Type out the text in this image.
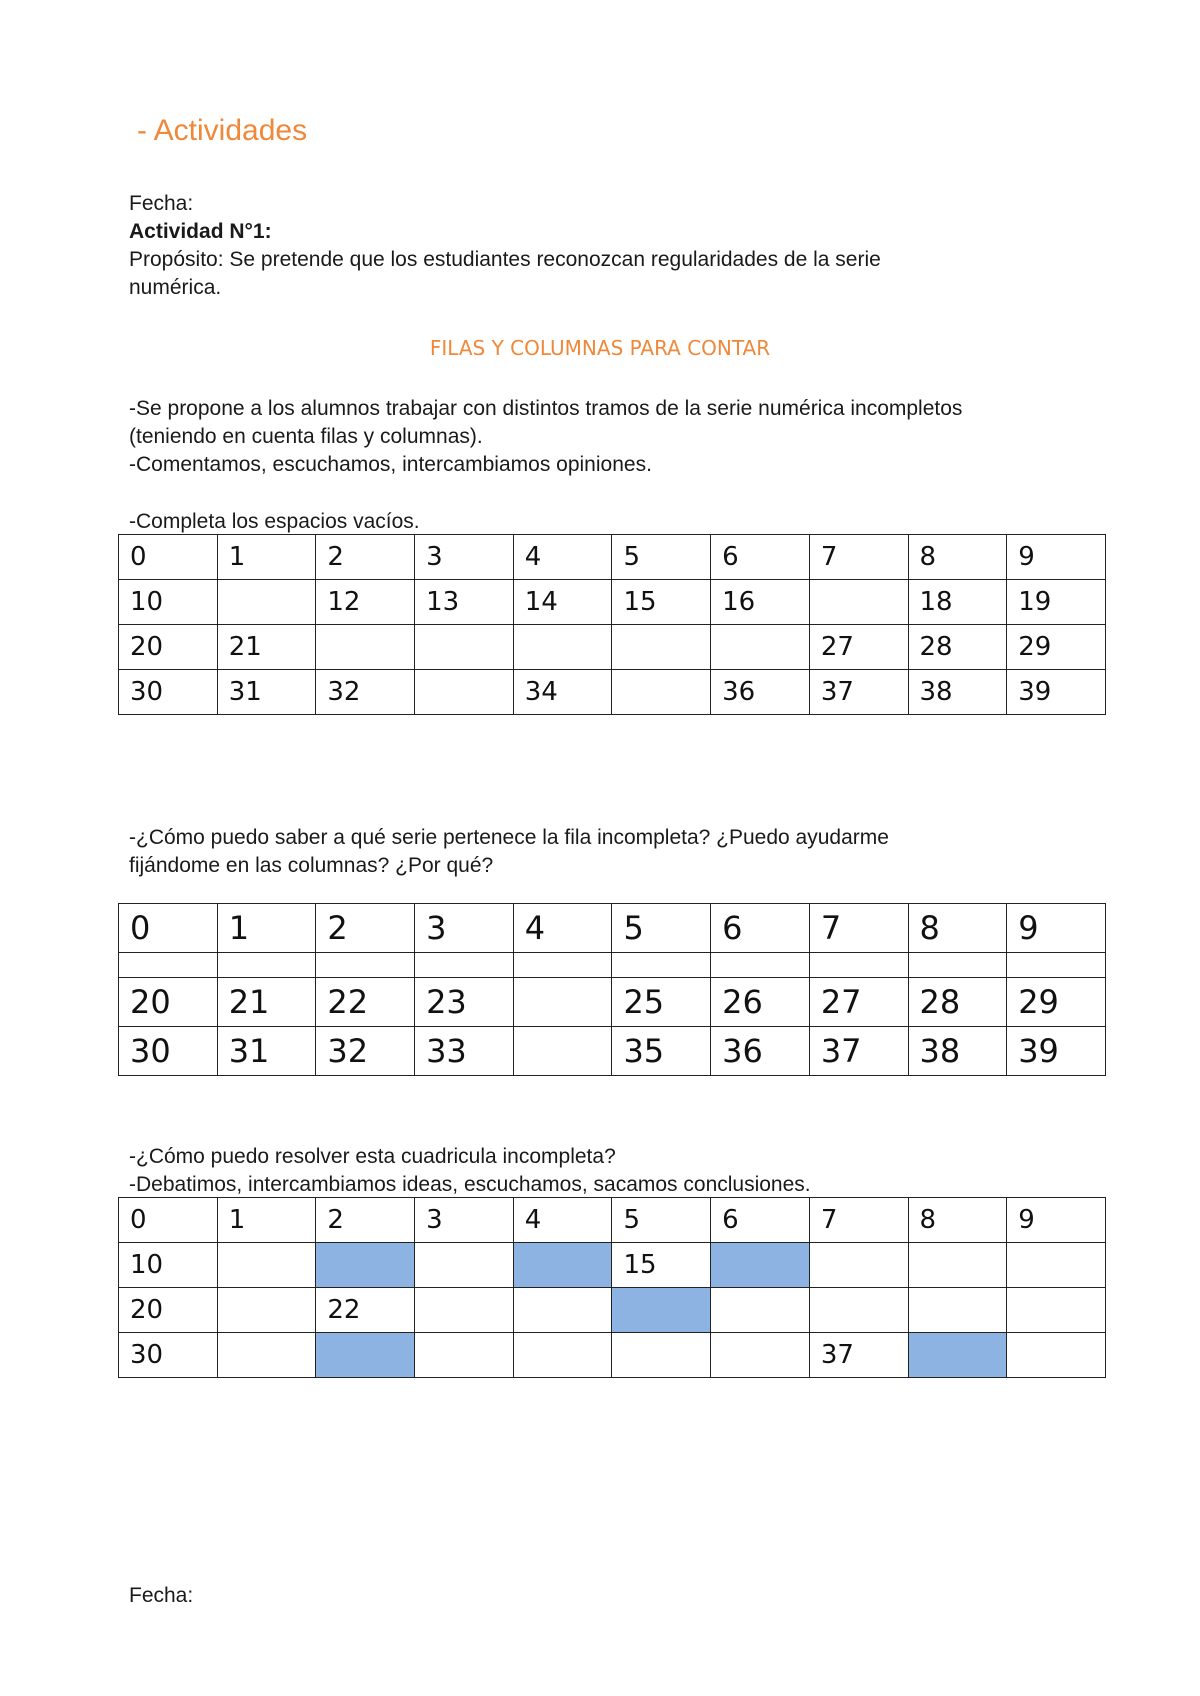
- Actividades

Fecha:

Actividad N°1:

Propósito: Se pretende que los estudiantes reconozcan regularidades de la serie

numérica.

FILAS Y COLUMNAS PARA CONTAR

-Se propone a los alumnos trabajar con distintos tramos de la serie numérica incompletos

(teniendo en cuenta filas y columnas).

-Comentamos, escuchamos, intercambiamos opiniones.

-Completa los espacios vacíos.

0	1	2	3	4	5	6	7	8	9
10		12	13	14	15	16		18	19
20	21						27	28	29
30	31	32		34		36	37	38	39

-¿Cómo puedo saber a qué serie pertenece la fila incompleta? ¿Puedo ayudarme

fijándome en las columnas? ¿Por qué?

0	1	2	3	4	5	6	7	8	9

20	21	22	23		25	26	27	28	29
30	31	32	33		35	36	37	38	39

-¿Cómo puedo resolver esta cuadricula incompleta?

-Debatimos, intercambiamos ideas, escuchamos, sacamos conclusiones.

0	1	2	3	4	5	6	7	8	9
10					15				
20		22							
30							37		

Fecha:
